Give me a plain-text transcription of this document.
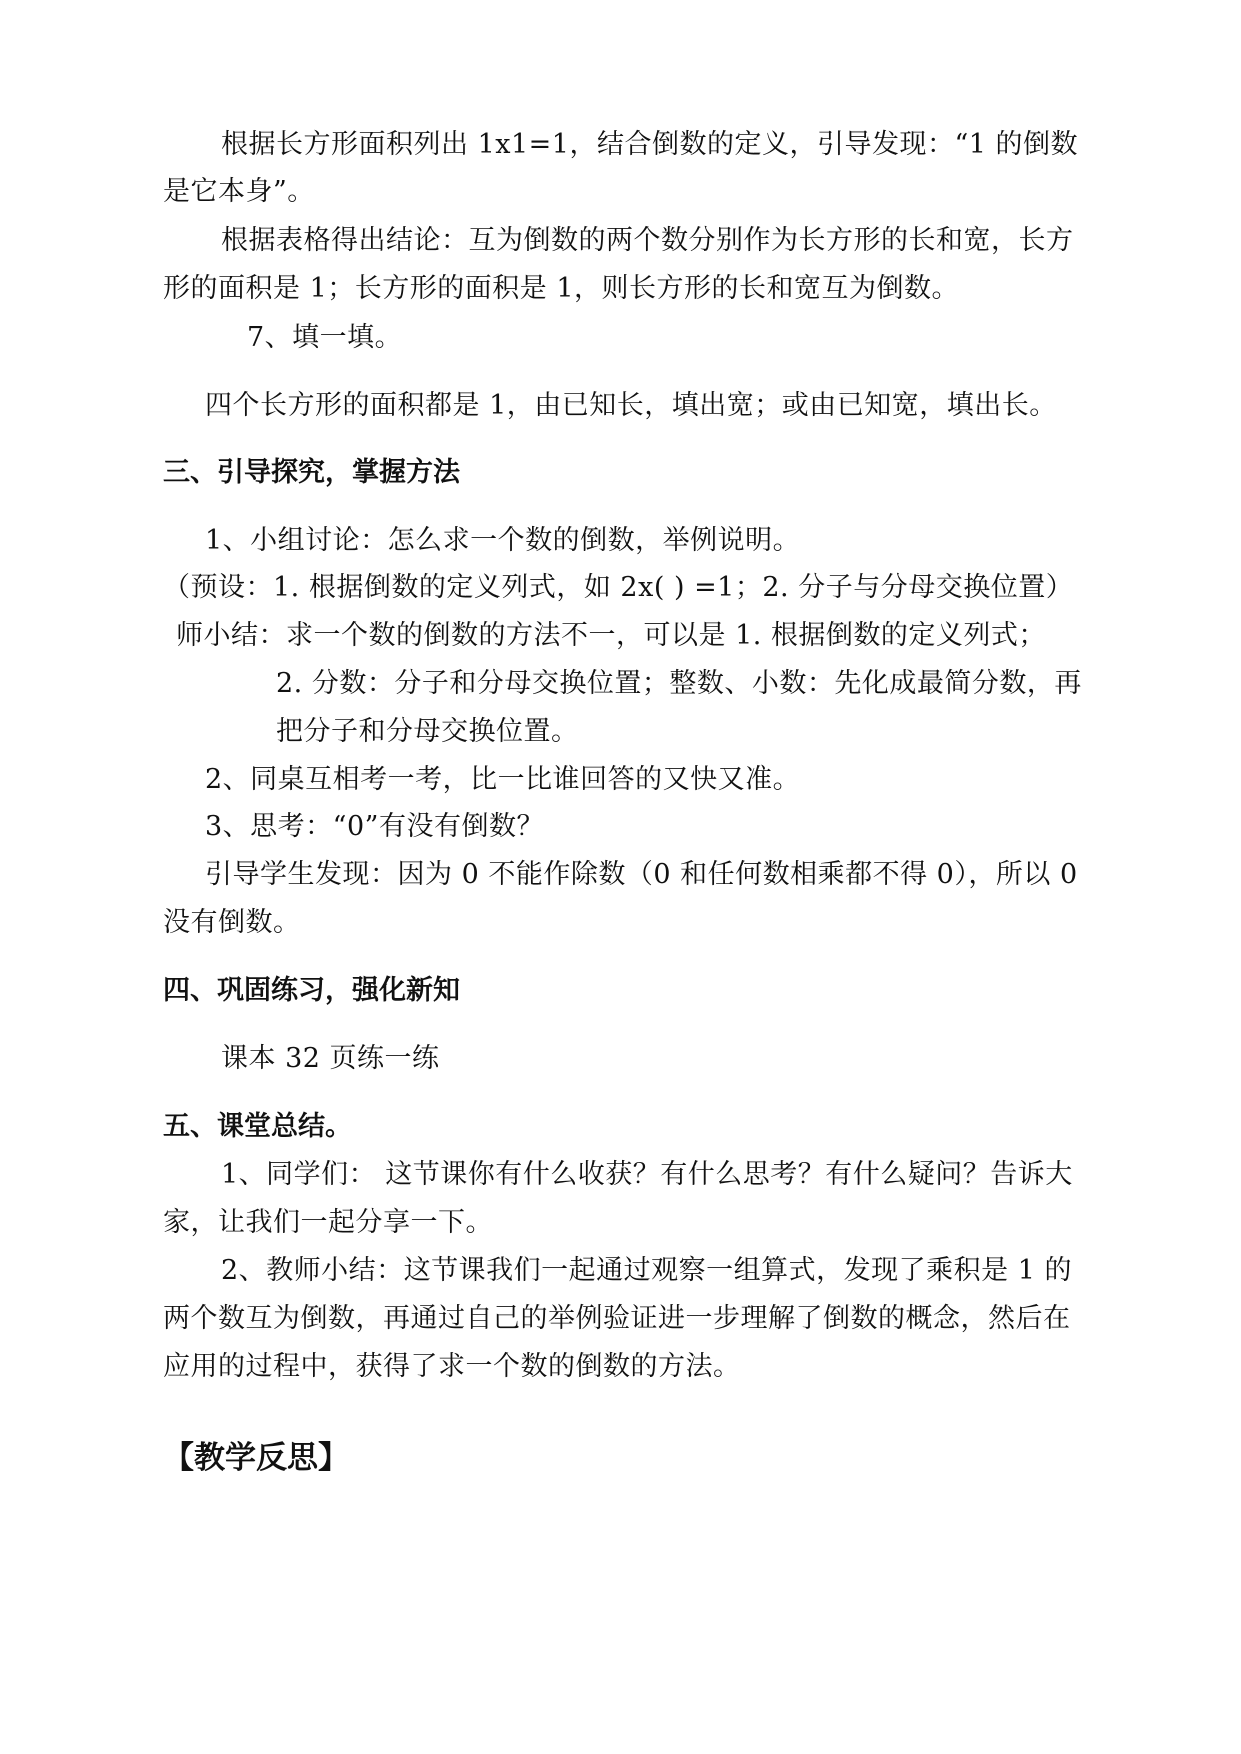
根据长方形面积列出 1x1=1，结合倒数的定义，引导发现：“1 的倒数
是它本身”。
根据表格得出结论：互为倒数的两个数分别作为长方形的长和宽，长方
形的面积是 1；长方形的面积是 1，则长方形的长和宽互为倒数。
7、填一填。
四个长方形的面积都是 1，由已知长，填出宽；或由已知宽，填出长。
三、引导探究，掌握方法
1、小组讨论：怎么求一个数的倒数，举例说明。
（预设：1. 根据倒数的定义列式，如 2x( ) =1；2. 分子与分母交换位置）
师小结：求一个数的倒数的方法不一，可以是 1. 根据倒数的定义列式；
2. 分数：分子和分母交换位置；整数、小数：先化成最简分数，再
把分子和分母交换位置。
2、同桌互相考一考，比一比谁回答的又快又准。
3、思考：“0”有没有倒数？
引导学生发现：因为 0 不能作除数（0 和任何数相乘都不得 0），所以 0
没有倒数。
四、巩固练习，强化新知
课本 32 页练一练
五、课堂总结。
1、同学们： 这节课你有什么收获？有什么思考？有什么疑问？告诉大
家，让我们一起分享一下。
2、教师小结：这节课我们一起通过观察一组算式，发现了乘积是 1 的
两个数互为倒数，再通过自己的举例验证进一步理解了倒数的概念，然后在
应用的过程中，获得了求一个数的倒数的方法。
【教学反思】
